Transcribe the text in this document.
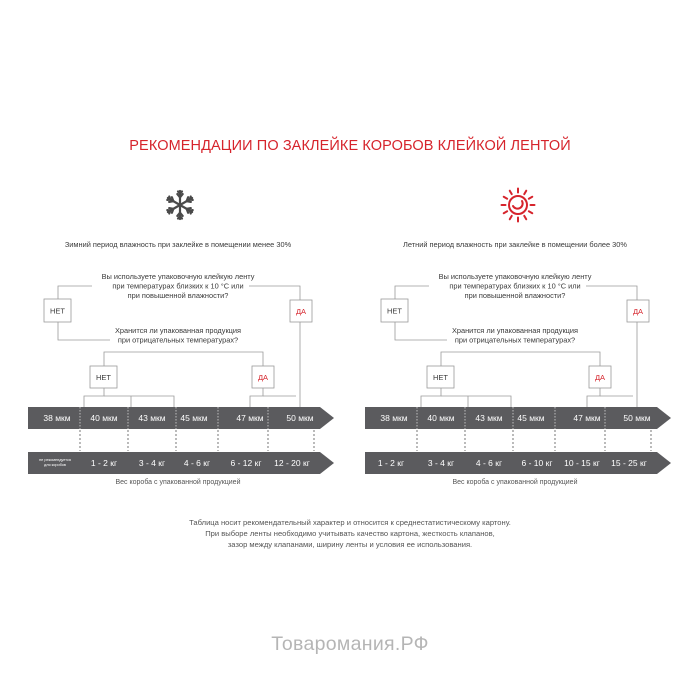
РЕКОМЕНДАЦИИ ПО ЗАКЛЕЙКЕ КОРОБОВ КЛЕЙКОЙ ЛЕНТОЙ
Зимний период влажность при заклейке в помещении менее 30%
Вы используете упаковочную клейкую ленту
при температурах близких к 10 °C или
при повышенной влажности?
Хранится ли упакованная продукция
при отрицательных температурах?
НЕТ	ДА
НЕТ	ДА
38 мкм 40 мкм 43 мкм 45 мкм	47 мкм	50 мкм
не рекомендуется
для коробов	1 - 2 кг	3 - 4 кг 4 - 6 кг 6 - 12 кг 12 - 20 кг
Вес короба с упакованной продукцией
Летний период влажность при заклейке в помещении более 30%
Вы используете упаковочную клейкую ленту
при температурах близких к 10 °C или
при повышенной влажности?
Хранится ли упакованная продукция
при отрицательных температурах?
НЕТ	ДА
НЕТ	ДА
38 мкм 40 мкм 43 мкм 45 мкм	47 мкм	50 мкм
1 - 2 кг	3 - 4 кг	4 - 6 кг 6 - 10 кг 10 - 15 кг 15 - 25 кг
Вес короба с упакованной продукцией
Таблица носит рекомендательный характер и относится к среднестатистическому картону.
При выборе ленты необходимо учитывать качество картона, жесткость клапанов,
зазор между клапанами, ширину ленты и условия ее использования.
Товаромания.РФ
